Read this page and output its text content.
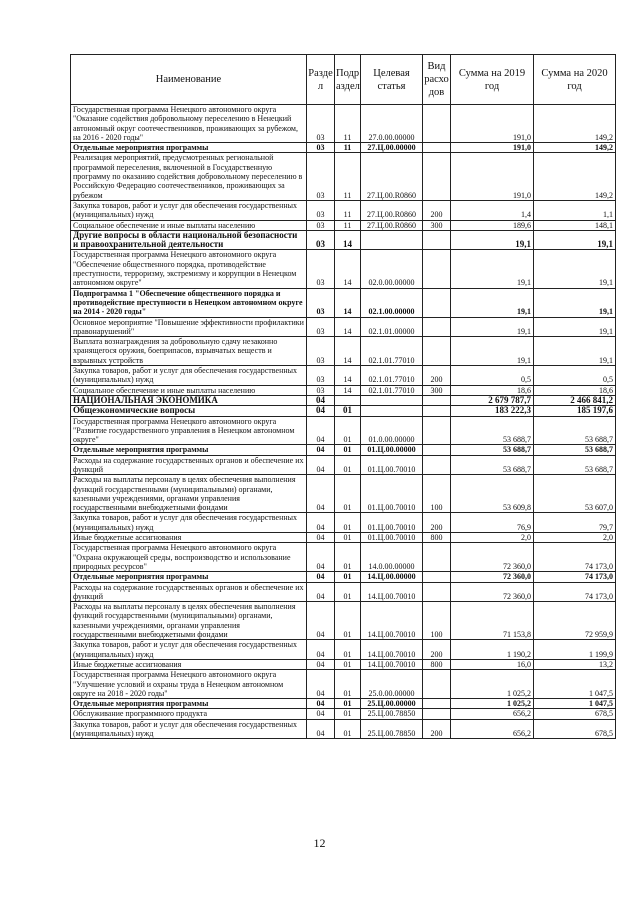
Наименование	Разде л	Подр аздел	Целевая статья	Вид расхо дов	Сумма на 2019 год	Сумма на 2020 год
Государственная программа Ненецкого автономного округа "Оказание содействия добровольному переселению в Ненецкий автономный округ соотечественников, проживающих за рубежом, на 2016 - 2020 годы"	03	11	27.0.00.00000		191,0	149,2
Отдельные мероприятия программы	03	11	27.Ц.00.00000		191,0	149,2
Реализация мероприятий, предусмотренных региональной программой переселения, включенной в Государственную программу по оказанию содействия добровольному переселению в Российскую Федерацию соотечественников, проживающих за рубежом	03	11	27.Ц.00.R0860		191,0	149,2
Закупка товаров, работ и услуг для обеспечения государственных (муниципальных) нужд	03	11	27.Ц.00.R0860	200	1,4	1,1
Социальное обеспечение и иные выплаты населению	03	11	27.Ц.00.R0860	300	189,6	148,1
Другие вопросы в области национальной безопасности и правоохранительной деятельности	03	14			19,1	19,1
Государственная программа Ненецкого автономного округа "Обеспечение общественного порядка, противодействие преступности, терроризму, экстремизму и коррупции в Ненецком автономном округе"	03	14	02.0.00.00000		19,1	19,1
Подпрограмма 1 "Обеспечение общественного порядка и противодействие преступности в Ненецком автономном округе на 2014 - 2020 годы"	03	14	02.1.00.00000		19,1	19,1
Основное мероприятие "Повышение эффективности профилактики правонарушений"	03	14	02.1.01.00000		19,1	19,1
Выплата вознаграждения за добровольную сдачу незаконно хранящегося оружия, боеприпасов, взрывчатых веществ и взрывных устройств	03	14	02.1.01.77010		19,1	19,1
Закупка товаров, работ и услуг для обеспечения государственных (муниципальных) нужд	03	14	02.1.01.77010	200	0,5	0,5
Социальное обеспечение и иные выплаты населению	03	14	02.1.01.77010	300	18,6	18,6
НАЦИОНАЛЬНАЯ ЭКОНОМИКА	04				2 679 787,7	2 466 841,2
Общеэкономические вопросы	04	01			183 222,3	185 197,6
Государственная программа Ненецкого автономного округа "Развитие государственного управления в Ненецком автономном округе"	04	01	01.0.00.00000		53 688,7	53 688,7
Отдельные мероприятия программы	04	01	01.Ц.00.00000		53 688,7	53 688,7
Расходы на содержание государственных органов и обеспечение их функций	04	01	01.Ц.00.70010		53 688,7	53 688,7
Расходы на выплаты персоналу в целях обеспечения выполнения функций государственными (муниципальными) органами, казенными учреждениями, органами управления государственными внебюджетными фондами	04	01	01.Ц.00.70010	100	53 609,8	53 607,0
Закупка товаров, работ и услуг для обеспечения государственных (муниципальных) нужд	04	01	01.Ц.00.70010	200	76,9	79,7
Иные бюджетные ассигнования	04	01	01.Ц.00.70010	800	2,0	2,0
Государственная программа Ненецкого автономного округа "Охрана окружающей среды, воспроизводство и использование природных ресурсов"	04	01	14.0.00.00000		72 360,0	74 173,0
Отдельные мероприятия программы	04	01	14.Ц.00.00000		72 360,0	74 173,0
Расходы на содержание государственных органов и обеспечение их функций	04	01	14.Ц.00.70010		72 360,0	74 173,0
Расходы на выплаты персоналу в целях обеспечения выполнения функций государственными (муниципальными) органами, казенными учреждениями, органами управления государственными внебюджетными фондами	04	01	14.Ц.00.70010	100	71 153,8	72 959,9
Закупка товаров, работ и услуг для обеспечения государственных (муниципальных) нужд	04	01	14.Ц.00.70010	200	1 190,2	1 199,9
Иные бюджетные ассигнования	04	01	14.Ц.00.70010	800	16,0	13,2
Государственная программа Ненецкого автономного округа "Улучшение условий и охраны труда в Ненецком автономном округе на 2018 - 2020 годы"	04	01	25.0.00.00000		1 025,2	1 047,5
Отдельные мероприятия программы	04	01	25.Ц.00.00000		1 025,2	1 047,5
Обслуживание программного продукта	04	01	25.Ц.00.78850		656,2	678,5
Закупка товаров, работ и услуг для обеспечения государственных (муниципальных) нужд	04	01	25.Ц.00.78850	200	656,2	678,5
12
